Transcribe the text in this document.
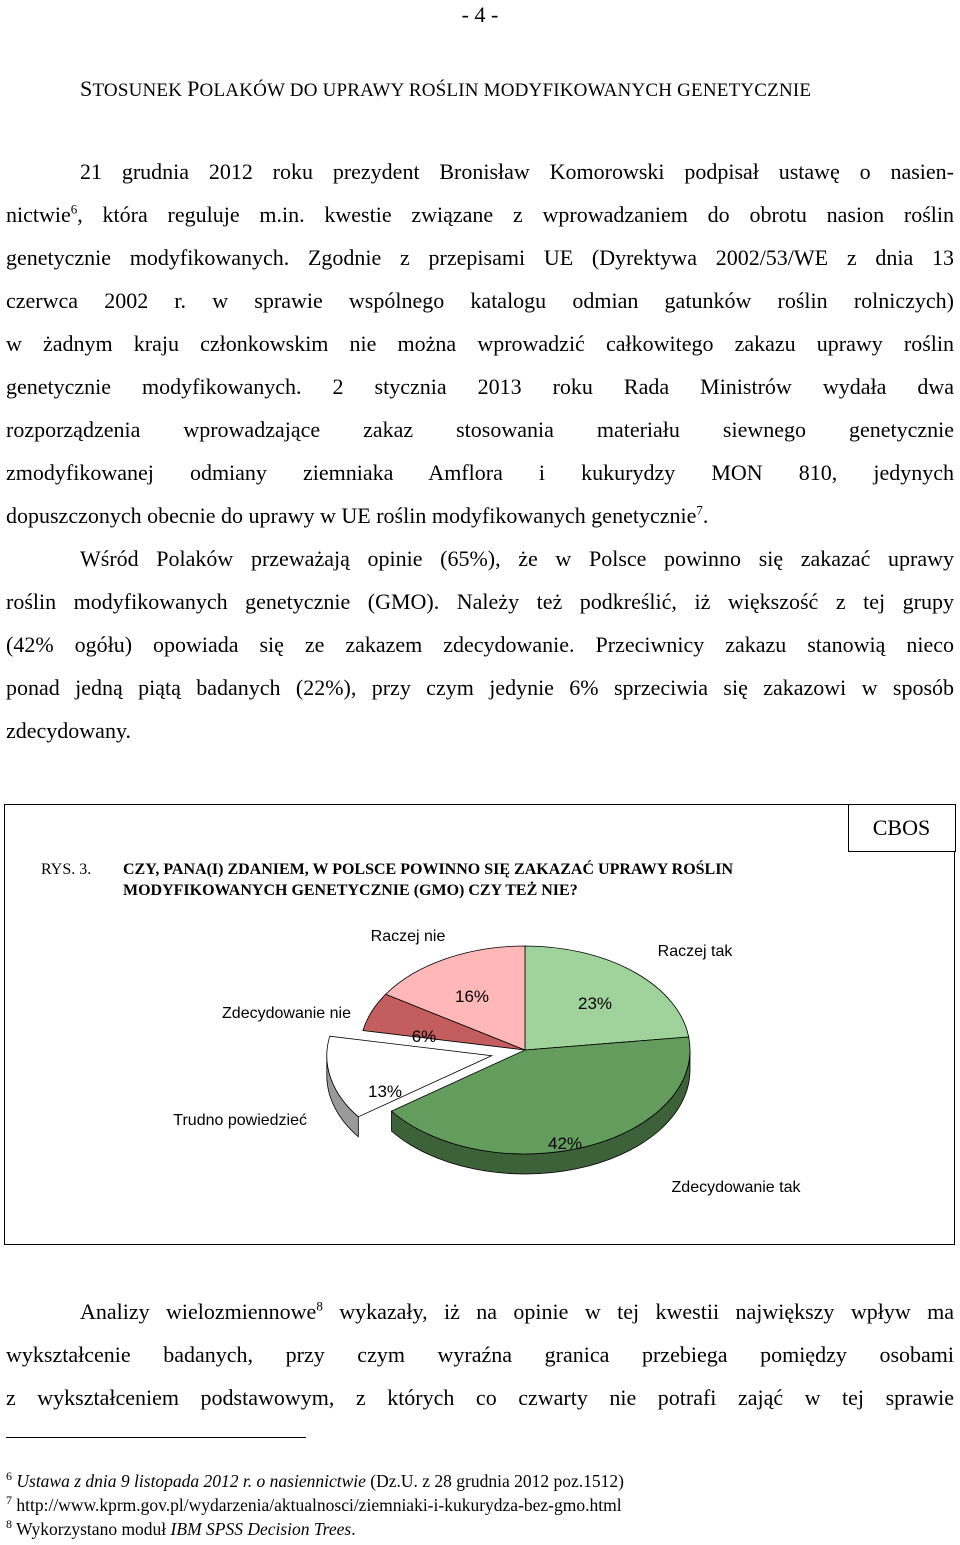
- 4 -
STOSUNEK POLAKÓW DO UPRAWY ROŚLIN MODYFIKOWANYCH GENETYCZNIE
21 grudnia 2012 roku prezydent Bronisław Komorowski podpisał ustawę o nasien-
nictwie$^6$, która reguluje m.in. kwestie związane z wprowadzaniem do obrotu nasion roślin
genetycznie modyfikowanych. Zgodnie z przepisami UE (Dyrektywa 2002/53/WE z dnia 13
czerwca 2002 r. w sprawie wspólnego katalogu odmian gatunków roślin rolniczych)
w żadnym kraju członkowskim nie można wprowadzić całkowitego zakazu uprawy roślin
genetycznie modyfikowanych. 2 stycznia 2013 roku Rada Ministrów wydała dwa
rozporządzenia wprowadzające zakaz stosowania materiału siewnego genetycznie
zmodyfikowanej odmiany ziemniaka Amflora i kukurydzy MON 810, jedynych
dopuszczonych obecnie do uprawy w UE roślin modyfikowanych genetycznie$^7$.
Wśród Polaków przeważają opinie (65%), że w Polsce powinno się zakazać uprawy
roślin modyfikowanych genetycznie (GMO). Należy też podkreślić, iż większość z tej grupy
(42% ogółu) opowiada się ze zakazem zdecydowanie. Przeciwnicy zakazu stanowią nieco
ponad jedną piątą badanych (22%), przy czym jedynie 6% sprzeciwia się zakazowi w sposób
zdecydowany.
23%
Raczej tak
42%
Zdecydowanie tak
13%
Trudno powiedzieć
6%
Zdecydowanie nie
16%
Raczej nie
CBOS
RYS. 3. CZY, PANA(I) ZDANIEM, W POLSCE POWINNO SIĘ ZAKAZAĆ UPRAWY ROŚLIN MODYFIKOWANYCH GENETYCZNIE (GMO) CZY TEŻ NIE?
Analizy wielozmiennowe$^8$ wykazały, iż na opinie w tej kwestii największy wpływ ma
wykształcenie badanych, przy czym wyraźna granica przebiega pomiędzy osobami
z wykształceniem podstawowym, z których co czwarty nie potrafi zająć w tej sprawie
$^6$ Ustawa z dnia 9 listopada 2012 r. o nasiennictwie (Dz.U. z 28 grudnia 2012 poz.1512)
$^7$ http://www.kprm.gov.pl/wydarzenia/aktualnosci/ziemniaki-i-kukurydza-bez-gmo.html
$^8$ Wykorzystano moduł IBM SPSS Decision Trees.
